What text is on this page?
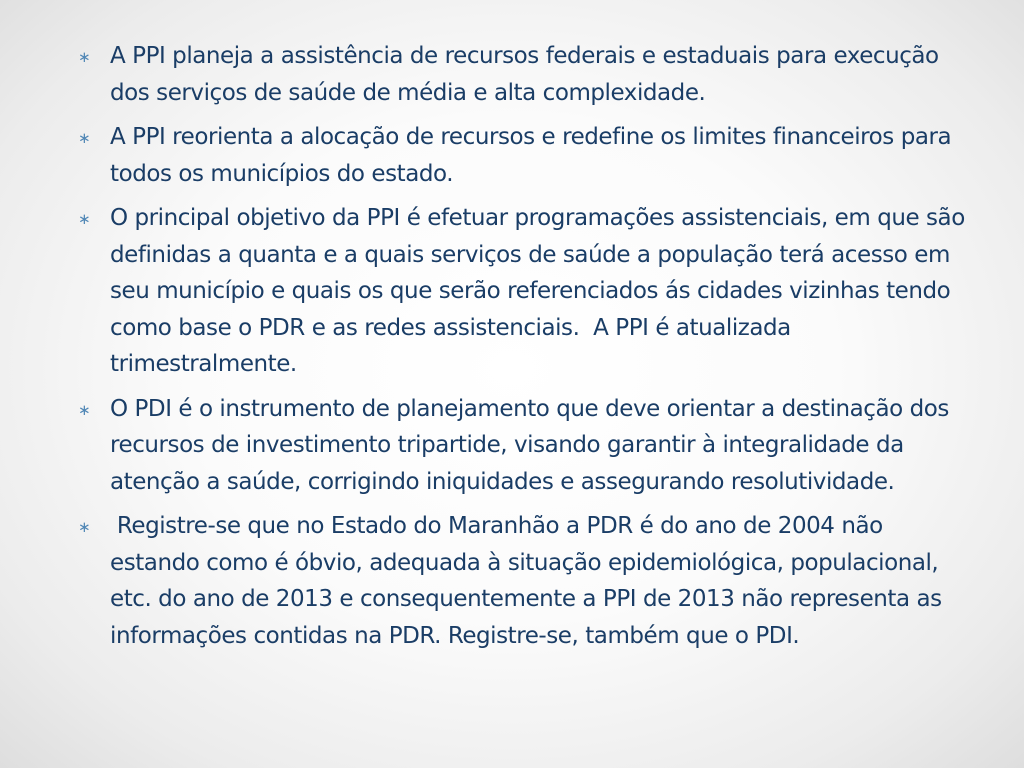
∗ A PPI planeja a assistência de recursos federais e estaduais para execução dos serviços de saúde de média e alta complexidade.
∗ A PPI reorienta a alocação de recursos e redefine os limites financeiros para todos os municípios do estado.
∗ O principal objetivo da PPI é efetuar programações assistenciais, em que são definidas a quanta e a quais serviços de saúde a população terá acesso em seu município e quais os que serão referenciados ás cidades vizinhas tendo como base o PDR e as redes assistenciais.  A PPI é atualizada trimestralmente.
∗ O PDI é o instrumento de planejamento que deve orientar a destinação dos recursos de investimento tripartide, visando garantir à integralidade da atenção a saúde, corrigindo iniquidades e assegurando resolutividade.
∗ Registre-se que no Estado do Maranhão a PDR é do ano de 2004 não estando como é óbvio, adequada à situação epidemiológica, populacional, etc. do ano de 2013 e consequentemente a PPI de 2013 não representa as informações contidas na PDR. Registre-se, também que o PDI.
